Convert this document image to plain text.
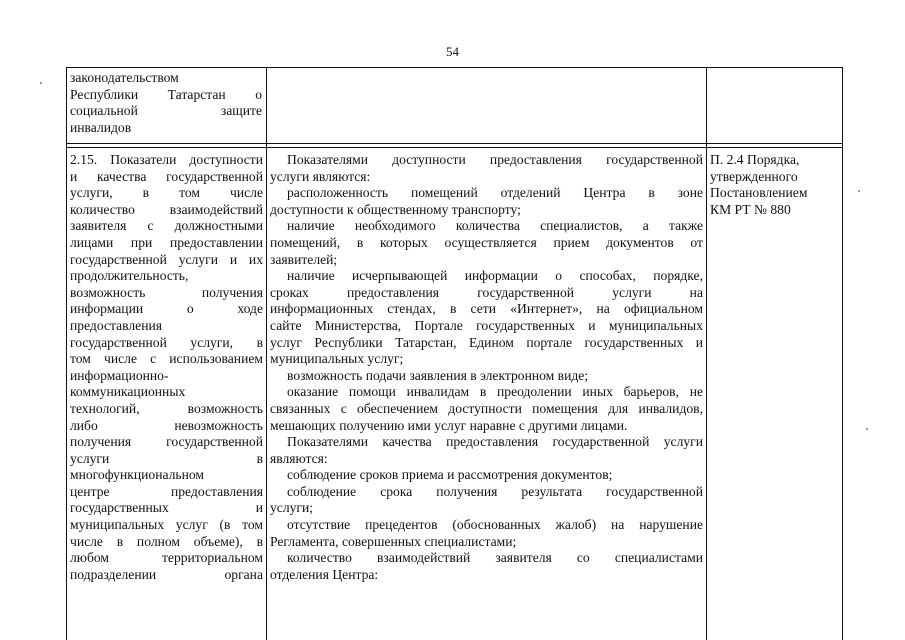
54

законодательством

Республики Татарстан о

социальной защите

инвалидов

2.15. Показатели доступности

и качества государственной

услуги, в том числе

количество взаимодействий

заявителя с должностными

лицами при предоставлении

государственной услуги и их

продолжительность,

возможность получения

информации о ходе

предоставления

государственной услуги, в

том числе с использованием

информационно-

коммуникационных

технологий, возможность

либо невозможность

получения государственной

услуги в

многофункциональном

центре предоставления

государственных и

муниципальных услуг (в том

числе в полном объеме), в

любом территориальном

подразделении органа

Показателями доступности предоставления государственной

услуги являются:

расположенность помещений отделений Центра в зоне

доступности к общественному транспорту;

наличие необходимого количества специалистов, а также

помещений, в которых осуществляется прием документов от

заявителей;

наличие исчерпывающей информации о способах, порядке,

сроках предоставления государственной услуги на

информационных стендах, в сети «Интернет», на официальном

сайте Министерства, Портале государственных и муниципальных

услуг Республики Татарстан, Едином портале государственных и

муниципальных услуг;

возможность подачи заявления в электронном виде;

оказание помощи инвалидам в преодолении иных барьеров, не

связанных с обеспечением доступности помещения для инвалидов,

мешающих получению ими услуг наравне с другими лицами.

Показателями качества предоставления государственной услуги

являются:

соблюдение сроков приема и рассмотрения документов;

соблюдение срока получения результата государственной

услуги;

отсутствие прецедентов (обоснованных жалоб) на нарушение

Регламента, совершенных специалистами;

количество взаимодействий заявителя со специалистами

отделения Центра:

П. 2.4 Порядка,

утвержденного

Постановлением

КМ РТ № 880
